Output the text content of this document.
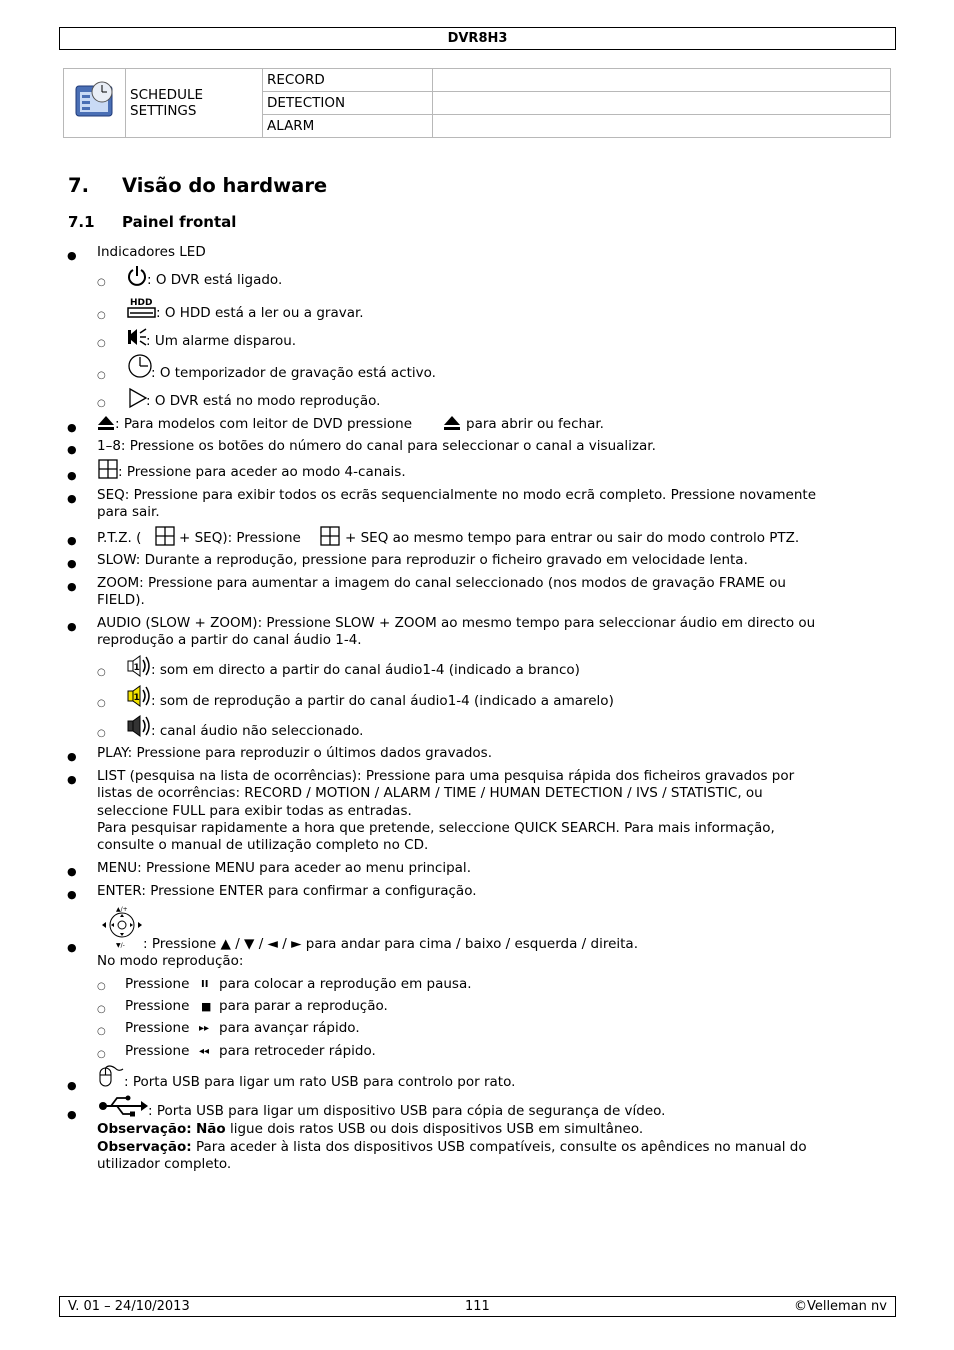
DVR8H3
	SCHEDULE SETTINGS	RECORD	
		DETECTION	
		ALARM	
7. Visão do hardware
7.1 Painel frontal
● Indicadores LED
○	: O DVR está ligado.
○
HDD
: O HDD está a ler ou a gravar.
○	: Um alarme disparou.
○	: O temporizador de gravação está activo.
○	: O DVR está no modo reprodução.
●	: Para modelos com leitor de DVD pressione	para abrir ou fechar.
● 1–8: Pressione os botões do número do canal para seleccionar o canal a visualizar.
●	: Pressione para aceder ao modo 4-canais.
● SEQ: Pressione para exibir todos os ecrãs sequencialmente no modo ecrã completo. Pressione novamente
para sair.
● P.T.Z. (	+ SEQ): Pressione	+ SEQ ao mesmo tempo para entrar ou sair do modo controlo PTZ.
● SLOW: Durante a reprodução, pressione para reproduzir o ficheiro gravado em velocidade lenta.
● ZOOM: Pressione para aumentar a imagem do canal seleccionado (nos modos de gravação FRAME ou
FIELD).
● AUDIO (SLOW + ZOOM): Pressione SLOW + ZOOM ao mesmo tempo para seleccionar áudio em directo ou
reprodução a partir do canal áudio 1-4.
○	1 : som em directo a partir do canal áudio1-4 (indicado a branco)
○	1 : som de reprodução a partir do canal áudio1-4 (indicado a amarelo)
○	: canal áudio não seleccionado.
● PLAY: Pressione para reproduzir o últimos dados gravados.
● LIST (pesquisa na lista de ocorrências): Pressione para uma pesquisa rápida dos ficheiros gravados por
listas de ocorrências: RECORD / MOTION / ALARM / TIME / HUMAN DETECTION / IVS / STATISTIC, ou
seleccione FULL para exibir todas as entradas.
Para pesquisar rapidamente a hora que pretende, seleccione QUICK SEARCH. Para mais informação,
consulte o manual de utilização completo no CD.
● MENU: Pressione MENU para aceder ao menu principal.
● ENTER: Pressione ENTER para confirmar a configuração.
●
▲/+
▼/- : Pressione ▲ / ▼ / ◄ / ► para andar para cima / baixo / esquerda / direita.
No modo reprodução:
○ Pressione II para colocar a reprodução em pausa.
○ Pressione ■ para parar a reprodução.
○ Pressione ▸▸ para avançar rápido.
○ Pressione ◂◂ para retroceder rápido.
●	: Porta USB para ligar um rato USB para controlo por rato.
●	: Porta USB para ligar um dispositivo USB para cópia de segurança de vídeo.
Observação: Não ligue dois ratos USB ou dois dispositivos USB em simultâneo.
Observação: Para aceder à lista dos dispositivos USB compatíveis, consulte os apêndices no manual do
utilizador completo.
V. 01 – 24/10/2013	111	©Velleman nv
